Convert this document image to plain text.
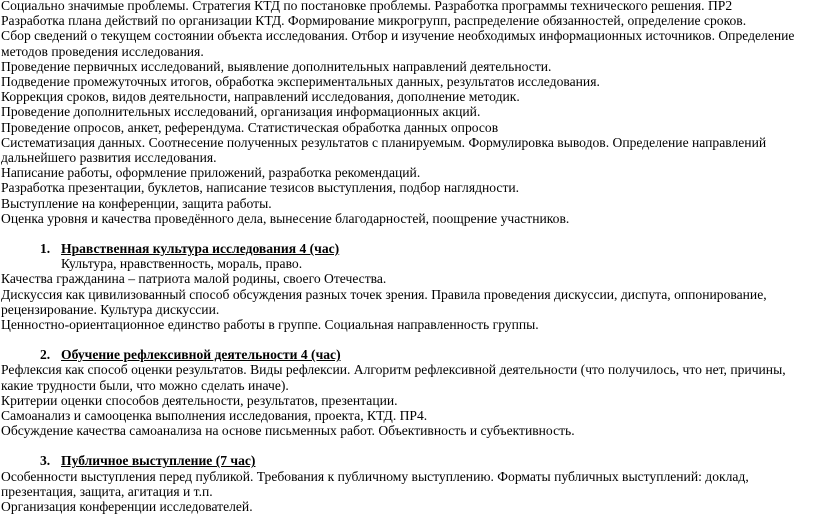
Социально значимые проблемы. Стратегия КТД по постановке проблемы. Разработка программы технического решения. ПР2

Разработка плана действий по организации КТД. Формирование микрогрупп, распределение обязанностей, определение сроков.

Сбор сведений о текущем состоянии объекта исследования. Отбор и изучение необходимых информационных источников. Определение методов проведения исследования.

Проведение первичных исследований, выявление дополнительных направлений деятельности.

Подведение промежуточных итогов, обработка экспериментальных данных, результатов исследования.

Коррекция сроков, видов деятельности, направлений исследования, дополнение методик.

Проведение дополнительных исследований, организация информационных акций.

Проведение опросов, анкет, референдума. Статистическая обработка данных опросов

Систематизация данных. Соотнесение полученных результатов с планируемым. Формулировка выводов. Определение направлений дальнейшего развития исследования.

Написание работы, оформление приложений, разработка рекомендаций.

Разработка презентации, буклетов, написание тезисов выступления, подбор наглядности.

Выступление на конференции, защита работы.

Оценка уровня и качества проведённого дела, вынесение благодарностей, поощрение участников.

1. Нравственная культура исследования 4 (час)

Культура, нравственность, мораль, право.

Качества гражданина – патриота малой родины, своего Отечества.

Дискуссия как цивилизованный способ обсуждения разных точек зрения. Правила проведения дискуссии, диспута, оппонирование, рецензирование. Культура дискуссии.

Ценностно-ориентационное единство работы в группе. Социальная направленность группы.

2. Обучение рефлексивной деятельности 4 (час)

Рефлексия как способ оценки результатов. Виды рефлексии. Алгоритм рефлексивной деятельности (что получилось, что нет, причины, какие трудности были, что можно сделать иначе).

Критерии оценки способов деятельности, результатов, презентации.

Самоанализ и самооценка выполнения исследования, проекта, КТД. ПР4.

Обсуждение качества самоанализа на основе письменных работ. Объективность и субъективность.

3. Публичное выступление (7 час)

Особенности выступления перед публикой. Требования к публичному выступлению. Форматы публичных выступлений: доклад, презентация, защита, агитация и т.п.

Организация конференции исследователей.
